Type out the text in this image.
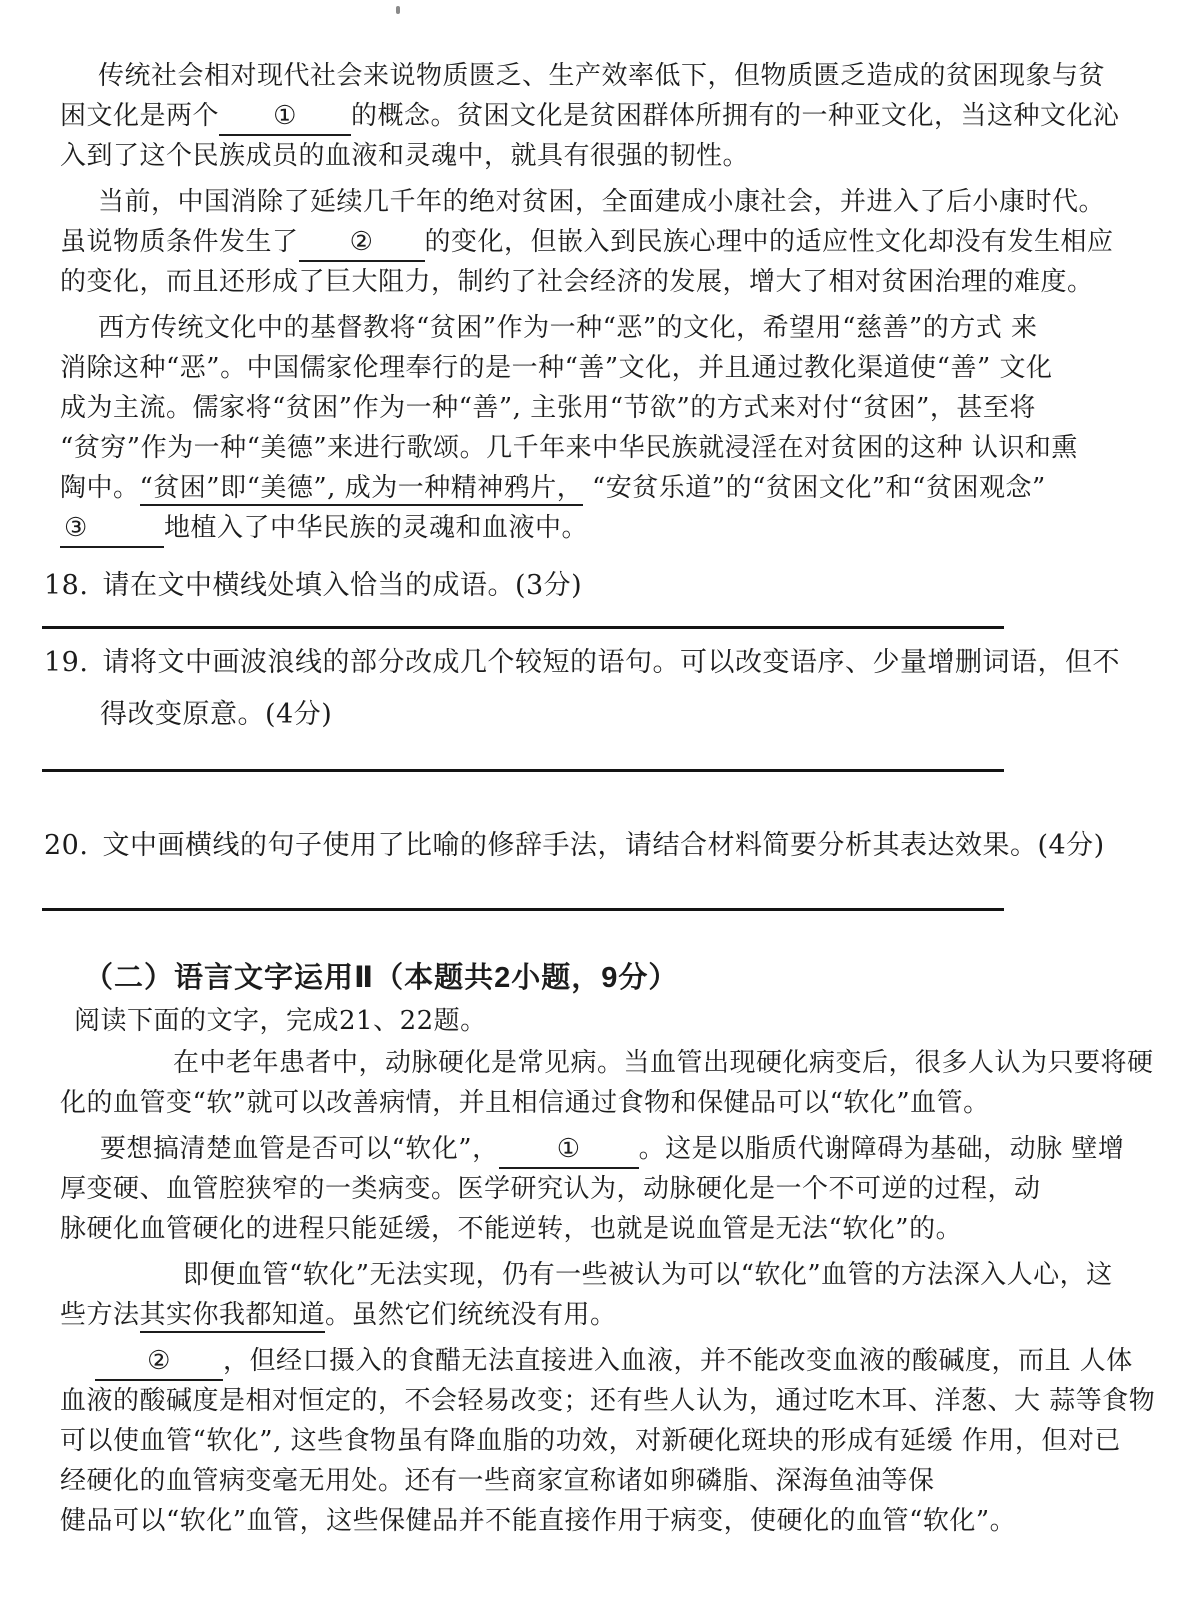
传统社会相对现代社会来说物质匮乏、生产效率低下，但物质匮乏造成的贫困现象与贫
困文化是两个 ① 的概念。贫困文化是贫困群体所拥有的一种亚文化，当这种文化沁
入到了这个民族成员的血液和灵魂中，就具有很强的韧性。
当前，中国消除了延续几千年的绝对贫困，全面建成小康社会，并进入了后小康时代。
虽说物质条件发生了 ② 的变化，但嵌入到民族心理中的适应性文化却没有发生相应
的变化，而且还形成了巨大阻力，制约了社会经济的发展，增大了相对贫困治理的难度。
西方传统文化中的基督教将“贫困”作为一种“恶”的文化，希望用“慈善”的方式 来
消除这种“恶”。中国儒家伦理奉行的是一种“善”文化，并且通过教化渠道使“善” 文化
成为主流。儒家将“贫困”作为一种“善”, 主张用“节欲”的方式来对付“贫困”，甚至将
“贫穷”作为一种“美德”来进行歌颂。几千年来中华民族就浸淫在对贫困的这种 认识和熏
陶中。“贫困”即“美德”, 成为一种精神鸦片， “安贫乐道”的“贫困文化”和“贫困观念”
③	地植入了中华民族的灵魂和血液中。
18. 请在文中横线处填入恰当的成语。(3分)
19. 请将文中画波浪线的部分改成几个较短的语句。可以改变语序、少量增删词语，但不
得改变原意。(4分)
20. 文中画横线的句子使用了比喻的修辞手法，请结合材料简要分析其表达效果。(4分)
（二）语言文字运用Ⅱ（本题共2小题，9分）

阅读下面的文字，完成21、22题。

在中老年患者中，动脉硬化是常见病。当血管出现硬化病变后，很多人认为只要将硬
化的血管变“软”就可以改善病情，并且相信通过食物和保健品可以“软化”血管。
要想搞清楚血管是否可以“软化”， ① 。这是以脂质代谢障碍为基础，动脉 壁增
厚变硬、血管腔狭窄的一类病变。医学研究认为，动脉硬化是一个不可逆的过程，动
脉硬化血管硬化的进程只能延缓，不能逆转，也就是说血管是无法“软化”的。
即便血管“软化”无法实现，仍有一些被认为可以“软化”血管的方法深入人心，这
些方法其实你我都知道。虽然它们统统没有用。
② ，但经口摄入的食醋无法直接进入血液，并不能改变血液的酸碱度，而且 人体
血液的酸碱度是相对恒定的，不会轻易改变；还有些人认为，通过吃木耳、洋葱、大 蒜等食物
可以使血管“软化”, 这些食物虽有降血脂的功效，对新硬化斑块的形成有延缓 作用，但对已
经硬化的血管病变毫无用处。还有一些商家宣称诸如卵磷脂、深海鱼油等保
健品可以“软化”血管，这些保健品并不能直接作用于病变，使硬化的血管“软化”。
